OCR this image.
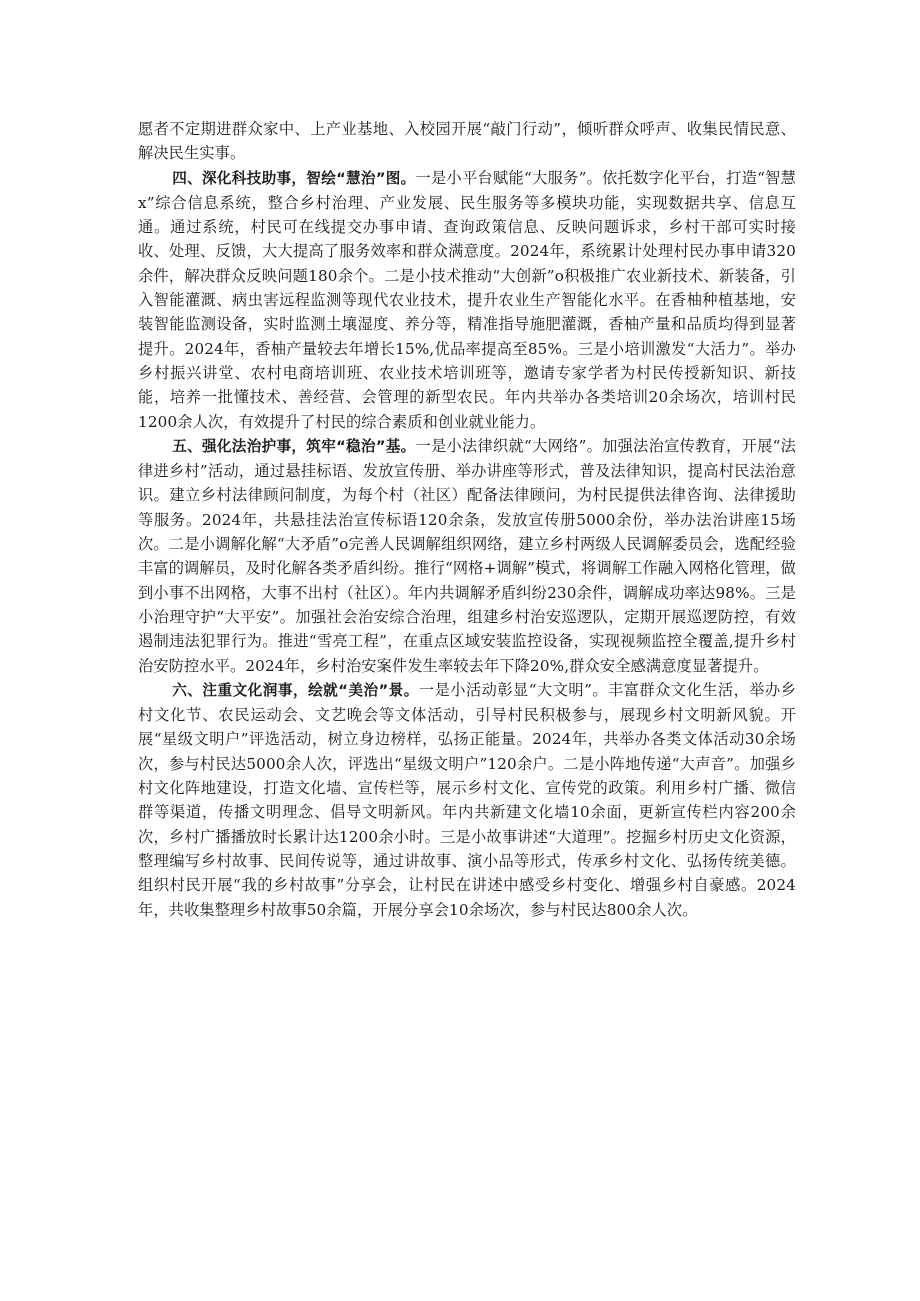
愿者不定期进群众家中、上产业基地、入校园开展“敲门行动”，倾听群众呼声、收集民情民意、解决民生实事。

四、深化科技助事，智绘“慧治”图。一是小平台赋能“大服务”。依托数字化平台，打造“智慧x”综合信息系统，整合乡村治理、产业发展、民生服务等多模块功能，实现数据共享、信息互通。通过系统，村民可在线提交办事申请、查询政策信息、反映问题诉求，乡村干部可实时接收、处理、反馈，大大提高了服务效率和群众满意度。2024年，系统累计处理村民办事申请320余件，解决群众反映问题180余个。二是小技术推动“大创新”o积极推广农业新技术、新装备，引入智能灌溉、病虫害远程监测等现代农业技术，提升农业生产智能化水平。在香柚种植基地，安装智能监测设备，实时监测土壤湿度、养分等，精准指导施肥灌溉，香柚产量和品质均得到显著提升。2024年，香柚产量较去年增长15%,优品率提高至85%。三是小培训激发“大活力”。举办乡村振兴讲堂、农村电商培训班、农业技术培训班等，邀请专家学者为村民传授新知识、新技能，培养一批懂技术、善经营、会管理的新型农民。年内共举办各类培训20余场次，培训村民1200余人次，有效提升了村民的综合素质和创业就业能力。

五、强化法治护事，筑牢“稳治”基。一是小法律织就“大网络”。加强法治宣传教育，开展“法律进乡村”活动，通过悬挂标语、发放宣传册、举办讲座等形式，普及法律知识，提高村民法治意识。建立乡村法律顾问制度，为每个村（社区）配备法律顾问，为村民提供法律咨询、法律援助等服务。2024年，共悬挂法治宣传标语120余条，发放宣传册5000余份，举办法治讲座15场次。二是小调解化解“大矛盾”o完善人民调解组织网络，建立乡村两级人民调解委员会，选配经验丰富的调解员，及时化解各类矛盾纠纷。推行“网格+调解”模式，将调解工作融入网格化管理，做到小事不出网格，大事不出村（社区）。年内共调解矛盾纠纷230余件，调解成功率达98%。三是小治理守护“大平安”。加强社会治安综合治理，组建乡村治安巡逻队，定期开展巡逻防控，有效遏制违法犯罪行为。推进“雪亮工程”，在重点区域安装监控设备，实现视频监控全覆盖,提升乡村治安防控水平。2024年，乡村治安案件发生率较去年下降20%,群众安全感满意度显著提升。

六、注重文化润事，绘就“美治”景。一是小活动彰显“大文明”。丰富群众文化生活，举办乡村文化节、农民运动会、文艺晚会等文体活动，引导村民积极参与，展现乡村文明新风貌。开展“星级文明户”评选活动，树立身边榜样，弘扬正能量。2024年，共举办各类文体活动30余场次，参与村民达5000余人次，评选出“星级文明户”120余户。二是小阵地传递“大声音”。加强乡村文化阵地建设，打造文化墙、宣传栏等，展示乡村文化、宣传党的政策。利用乡村广播、微信群等渠道，传播文明理念、倡导文明新风。年内共新建文化墙10余面，更新宣传栏内容200余次，乡村广播播放时长累计达1200余小时。三是小故事讲述“大道理”。挖掘乡村历史文化资源，整理编写乡村故事、民间传说等，通过讲故事、演小品等形式，传承乡村文化、弘扬传统美德。组织村民开展“我的乡村故事”分享会，让村民在讲述中感受乡村变化、增强乡村自豪感。2024年，共收集整理乡村故事50余篇，开展分享会10余场次，参与村民达800余人次。
